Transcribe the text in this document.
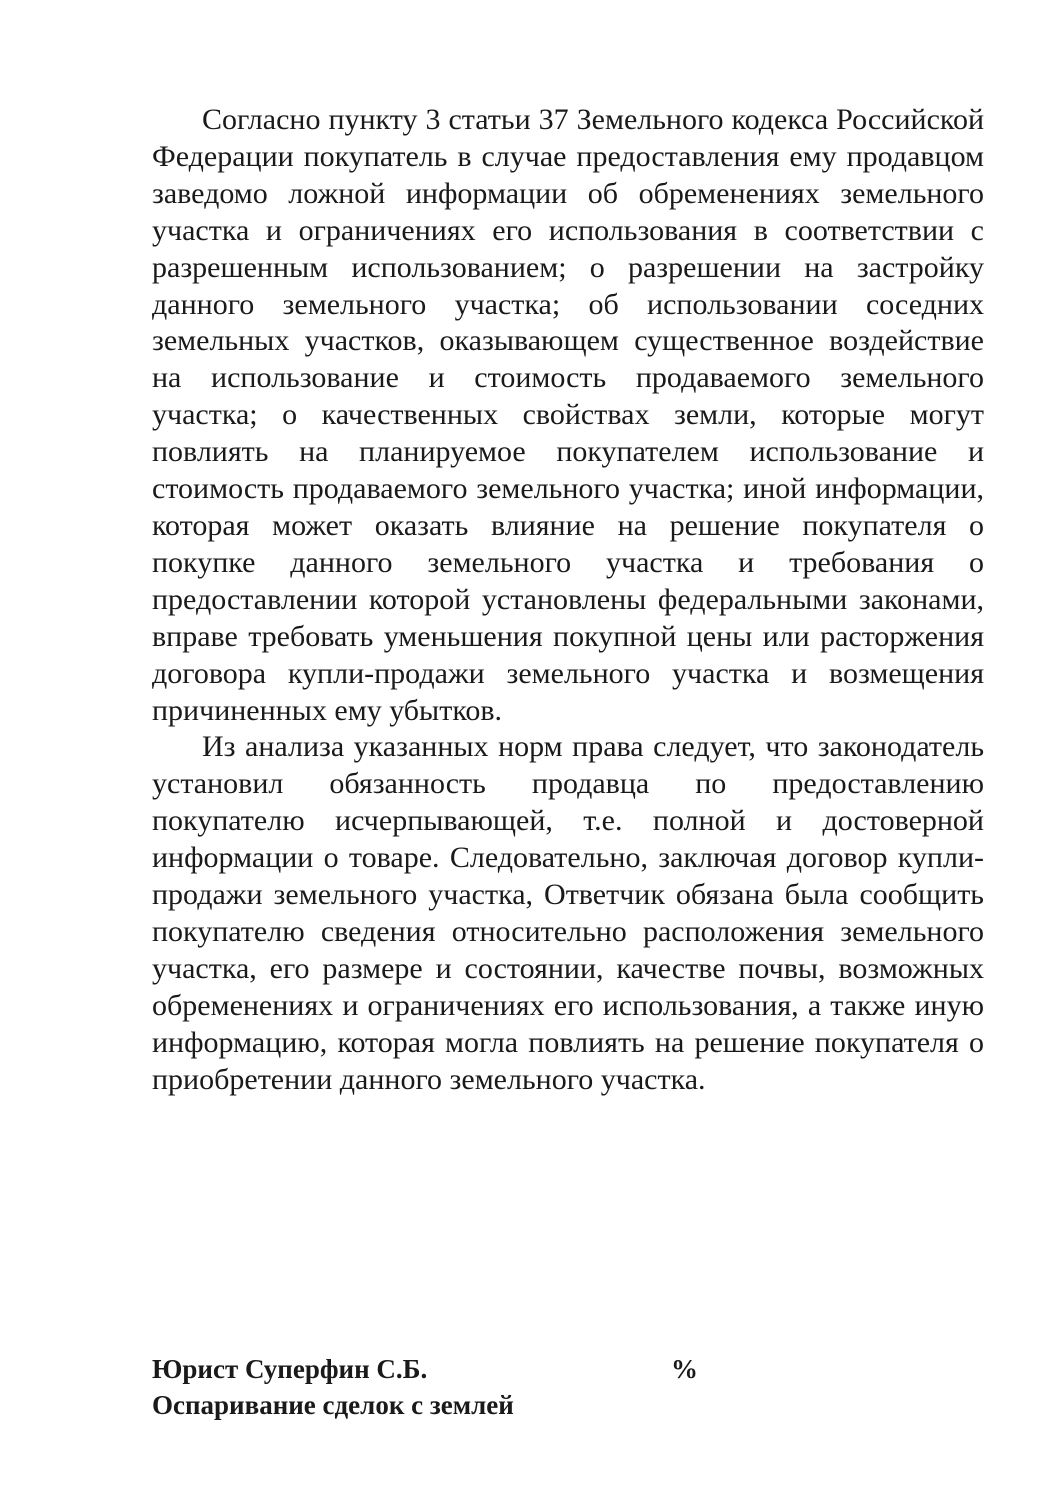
Согласно пункту 3 статьи 37 Земельного кодекса Российской Федерации покупатель в случае предоставления ему продавцом заведомо ложной информации об обременениях земельного участка и ограничениях его использования в соответствии с разрешенным использованием; о разрешении на застройку данного земельного участка; об использовании соседних земельных участков, оказывающем существенное воздействие на использование и стоимость продаваемого земельного участка; о качественных свойствах земли, которые могут повлиять на планируемое покупателем использование и стоимость продаваемого земельного участка; иной информации, которая может оказать влияние на решение покупателя о покупке данного земельного участка и требования о предоставлении которой установлены федеральными законами, вправе требовать уменьшения покупной цены или расторжения договора купли-продажи земельного участка и возмещения причиненных ему убытков.

Из анализа указанных норм права следует, что законодатель установил обязанность продавца по предоставлению покупателю исчерпывающей, т.е. полной и достоверной информации о товаре. Следовательно, заключая договор купли-продажи земельного участка, Ответчик обязана была сообщить покупателю сведения относительно расположения земельного участка, его размере и состоянии, качестве почвы, возможных обременениях и ограничениях его использования, а также иную информацию, которая могла повлиять на решение покупателя о приобретении данного земельного участка.

Юрист Суперфин С.Б.	%
Оспаривание сделок с землей
